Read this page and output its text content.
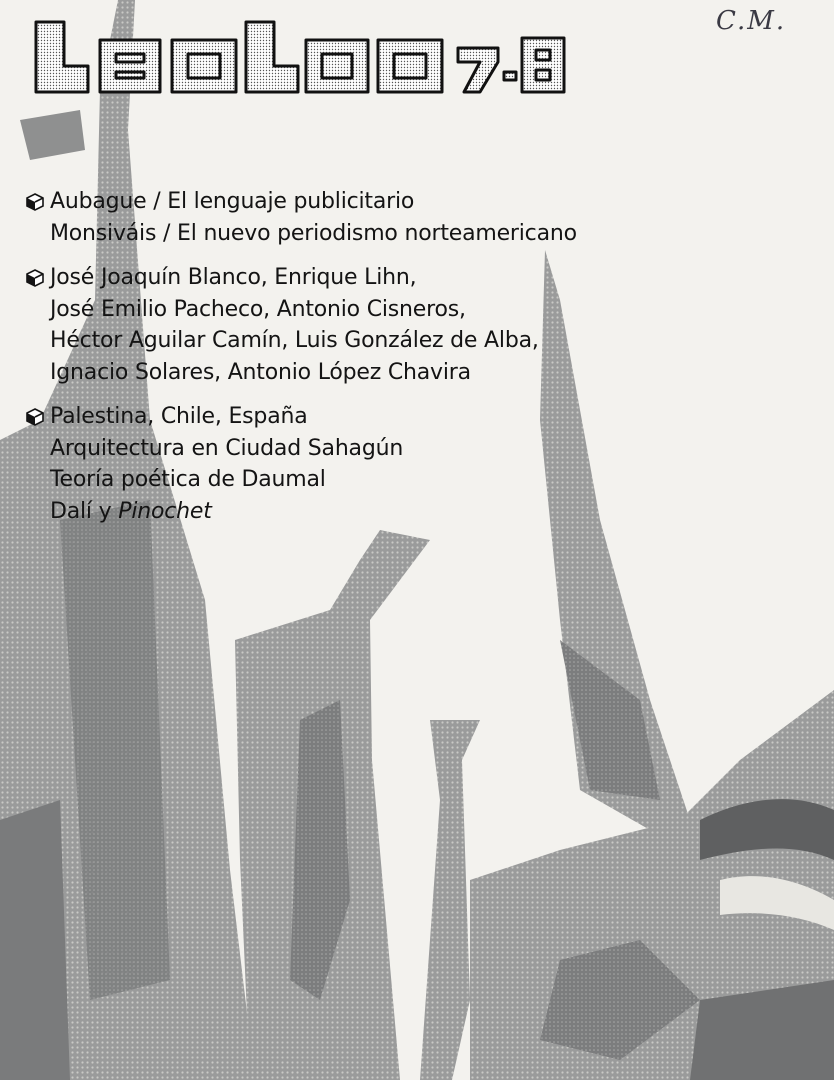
C.M.
Aubague / El lenguaje publicitario
Monsiváis / El nuevo periodismo norteamericano
José Joaquín Blanco, Enrique Lihn,
José Emilio Pacheco, Antonio Cisneros,
Héctor Aguilar Camín, Luis González de Alba,
Ignacio Solares, Antonio López Chavira
Palestina, Chile, España
Arquitectura en Ciudad Sahagún
Teoría poética de Daumal
Dalí y Pinochet
